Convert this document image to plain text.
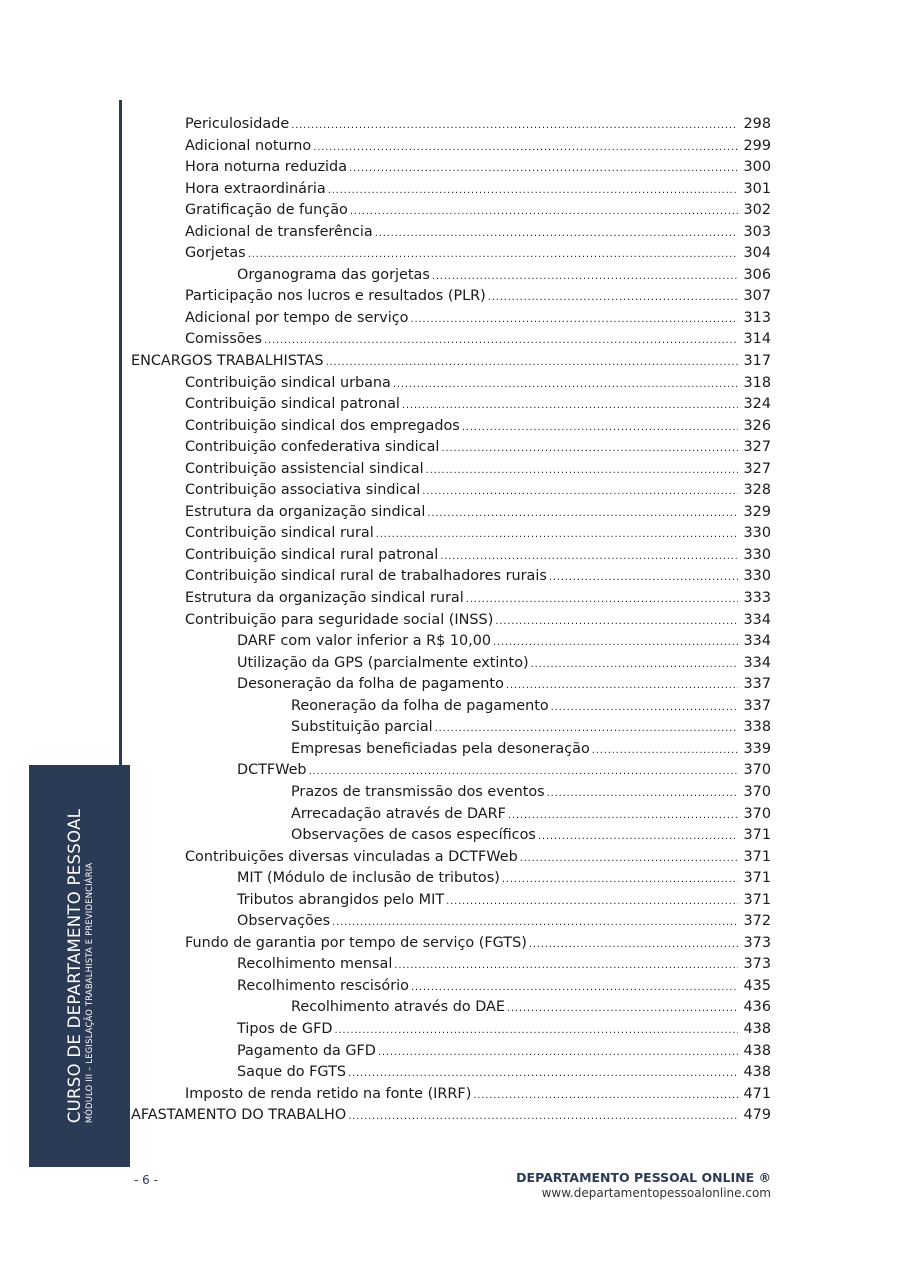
CURSO DE DEPARTAMENTO PESSOAL MÓDULO III – LEGISLAÇÃO TRABALHISTA E PREVIDENCIÁRIA
Periculosidade .....	298
Adicional noturno .....	299
Hora noturna reduzida .....	300
Hora extraordinária .....	301
Gratificação de função .....	302
Adicional de transferência .....	303
Gorjetas .....	304
Organograma das gorjetas .....	306
Participação nos lucros e resultados (PLR) .....	307
Adicional por tempo de serviço .....	313
Comissões .....	314
ENCARGOS TRABALHISTAS .....	317
Contribuição sindical urbana .....	318
Contribuição sindical patronal .....	324
Contribuição sindical dos empregados .....	326
Contribuição confederativa sindical .....	327
Contribuição assistencial sindical .....	327
Contribuição associativa sindical .....	328
Estrutura da organização sindical .....	329
Contribuição sindical rural .....	330
Contribuição sindical rural patronal .....	330
Contribuição sindical rural de trabalhadores rurais .....	330
Estrutura da organização sindical rural .....	333
Contribuição para seguridade social (INSS) .....	334
DARF com valor inferior a R$ 10,00 .....	334
Utilização da GPS (parcialmente extinto) .....	334
Desoneração da folha de pagamento .....	337
Reoneração da folha de pagamento .....	337
Substituição parcial .....	338
Empresas beneficiadas pela desoneração .....	339
DCTFWeb .....	370
Prazos de transmissão dos eventos .....	370
Arrecadação através de DARF .....	370
Observações de casos específicos .....	371
Contribuições diversas vinculadas a DCTFWeb .....	371
MIT (Módulo de inclusão de tributos) .....	371
Tributos abrangidos pelo MIT .....	371
Observações .....	372
Fundo de garantia por tempo de serviço (FGTS) .....	373
Recolhimento mensal .....	373
Recolhimento rescisório .....	435
Recolhimento através do DAE .....	436
Tipos de GFD .....	438
Pagamento da GFD .....	438
Saque do FGTS .....	438
Imposto de renda retido na fonte (IRRF) .....	471
AFASTAMENTO DO TRABALHO .....	479
- 6 -	DEPARTAMENTO PESSOAL ONLINE ®
www.departamentopessoalonline.com
